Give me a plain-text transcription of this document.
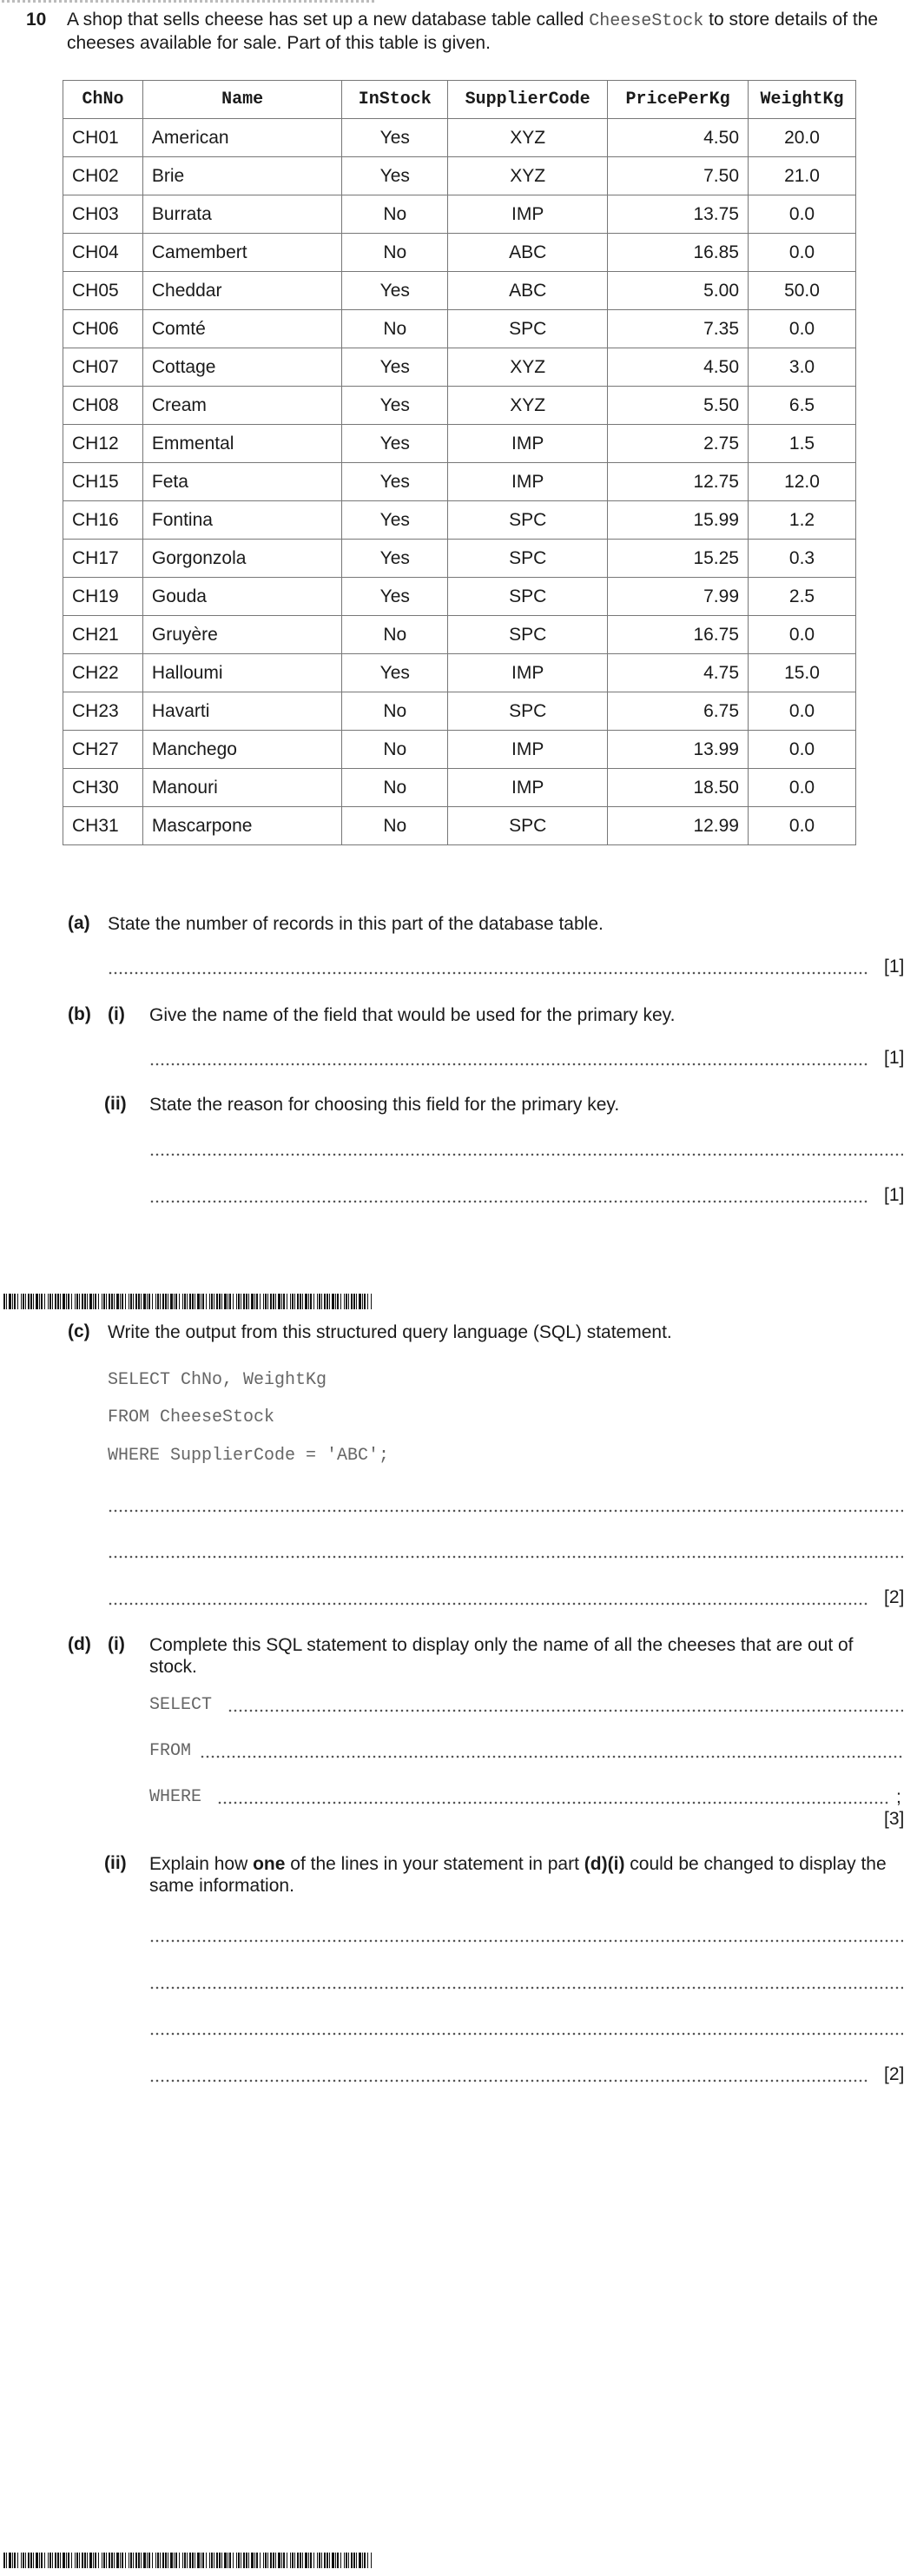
10 A shop that sells cheese has set up a new database table called CheeseStock to store details of the cheeses available for sale. Part of this table is given.
ChNo	Name	InStock	SupplierCode	PricePerKg	WeightKg
CH01	American	Yes	XYZ	4.50	20.0
CH02	Brie	Yes	XYZ	7.50	21.0
CH03	Burrata	No	IMP	13.75	0.0
CH04	Camembert	No	ABC	16.85	0.0
CH05	Cheddar	Yes	ABC	5.00	50.0
CH06	Comté	No	SPC	7.35	0.0
CH07	Cottage	Yes	XYZ	4.50	3.0
CH08	Cream	Yes	XYZ	5.50	6.5
CH12	Emmental	Yes	IMP	2.75	1.5
CH15	Feta	Yes	IMP	12.75	12.0
CH16	Fontina	Yes	SPC	15.99	1.2
CH17	Gorgonzola	Yes	SPC	15.25	0.3
CH19	Gouda	Yes	SPC	7.99	2.5
CH21	Gruyère	No	SPC	16.75	0.0
CH22	Halloumi	Yes	IMP	4.75	15.0
CH23	Havarti	No	SPC	6.75	0.0
CH27	Manchego	No	IMP	13.99	0.0
CH30	Manouri	No	IMP	18.50	0.0
CH31	Mascarpone	No	SPC	12.99	0.0
(a) State the number of records in this part of the database table.
[1]
(b) (i) Give the name of the field that would be used for the primary key.
[1]
(ii) State the reason for choosing this field for the primary key.
[1]
(c) Write the output from this structured query language (SQL) statement.
SELECT ChNo, WeightKg
FROM CheeseStock
WHERE SupplierCode = 'ABC';
[2]
(d) (i) Complete this SQL statement to display only the name of all the cheeses that are out of stock.
SELECT
FROM
WHERE	;
[3]
(ii) Explain how one of the lines in your statement in part (d)(i) could be changed to display the same information.
[2]
